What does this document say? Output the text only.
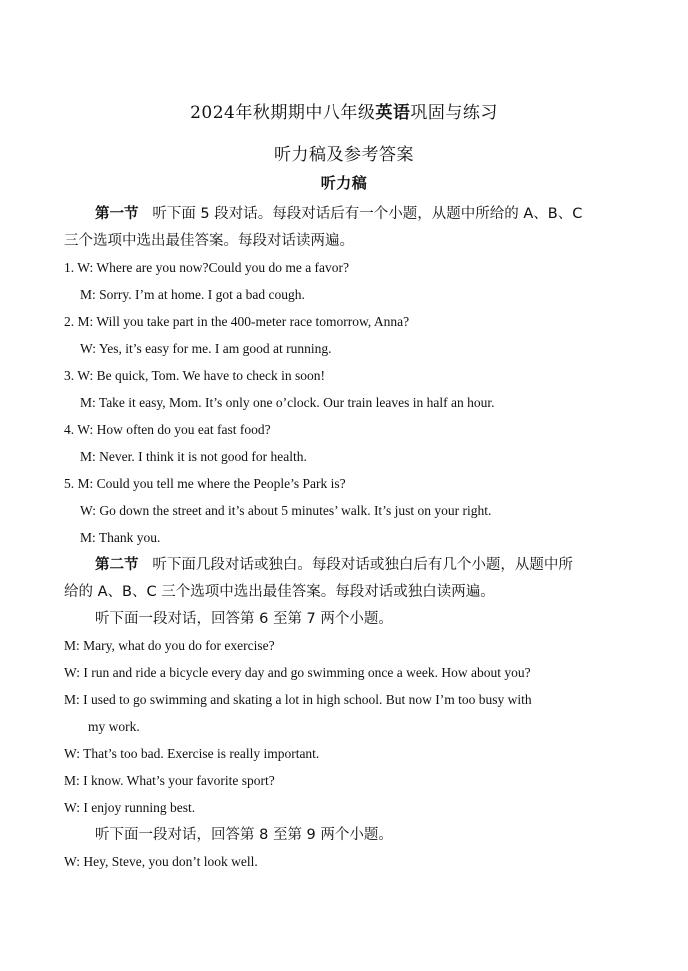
2024年秋期期中八年级英语巩固与练习
听力稿及参考答案
听力稿
第一节 听下面 5 段对话。每段对话后有一个小题，从题中所给的 A、B、C
三个选项中选出最佳答案。每段对话读两遍。
1. W: Where are you now?Could you do me a favor?
M: Sorry. I’m at home. I got a bad cough.
2. M: Will you take part in the 400-meter race tomorrow, Anna?
W: Yes, it’s easy for me. I am good at running.
3. W: Be quick, Tom. We have to check in soon!
M: Take it easy, Mom. It’s only one o’clock. Our train leaves in half an hour.
4. W: How often do you eat fast food?
M: Never. I think it is not good for health.
5. M: Could you tell me where the People’s Park is?
W: Go down the street and it’s about 5 minutes’ walk. It’s just on your right.
M: Thank you.
第二节 听下面几段对话或独白。每段对话或独白后有几个小题，从题中所
给的 A、B、C 三个选项中选出最佳答案。每段对话或独白读两遍。
听下面一段对话，回答第 6 至第 7 两个小题。
M: Mary, what do you do for exercise?
W: I run and ride a bicycle every day and go swimming once a week. How about you?
M: I used to go swimming and skating a lot in high school. But now I’m too busy with
my work.
W: That’s too bad. Exercise is really important.
M: I know. What’s your favorite sport?
W: I enjoy running best.
听下面一段对话，回答第 8 至第 9 两个小题。
W: Hey, Steve, you don’t look well.
